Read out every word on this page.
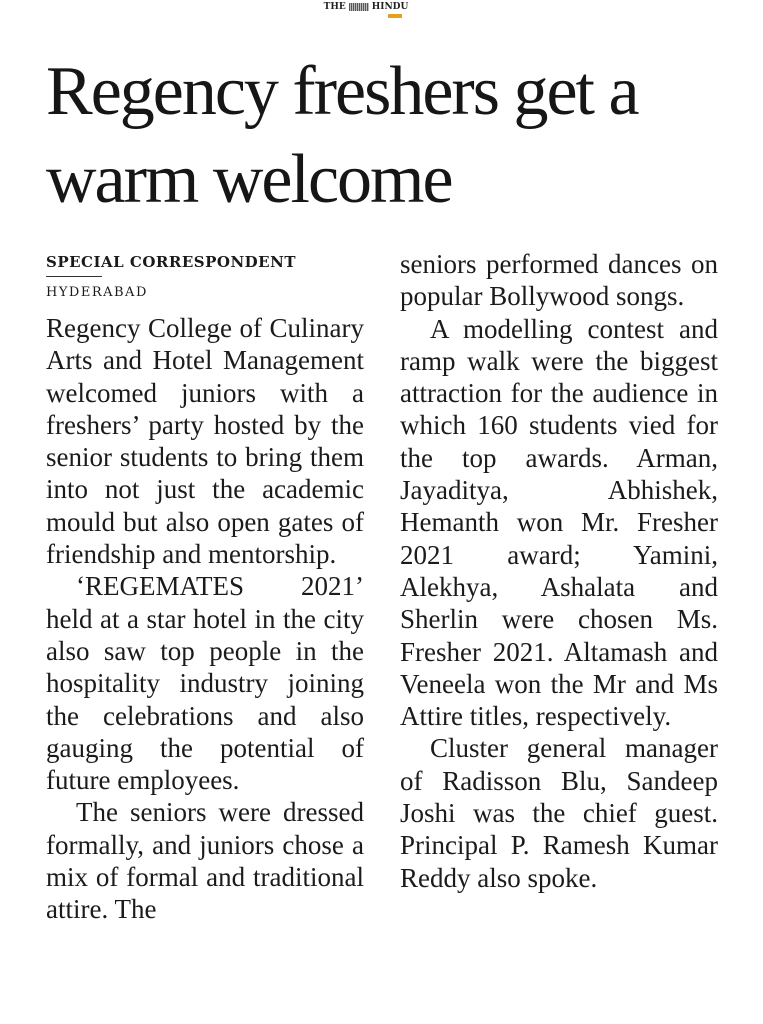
THE	HINDU
Regency freshers get a warm welcome
SPECIAL CORRESPONDENT
HYDERABAD

Regency College of Culinary Arts and Hotel Management welcomed juniors with a freshers’ party hosted by the senior students to bring them into not just the academic mould but also open gates of friendship and mentorship.

‘REGEMATES 2021’ held at a star hotel in the city also saw top people in the hospitality industry joining the celebrations and also gauging the potential of future employees.

The seniors were dressed formally, and juniors chose a mix of formal and traditional attire. The

seniors performed dances on popular Bollywood songs.

A modelling contest and ramp walk were the biggest attraction for the audience in which 160 students vied for the top awards. Arman, Jayaditya, Abhishek, Hemanth won Mr. Fresher 2021 award; Yamini, Alekhya, Ashalata and Sherlin were chosen Ms. Fresher 2021. Altamash and Veneela won the Mr and Ms Attire titles, respectively.

Cluster general manager of Radisson Blu, Sandeep Joshi was the chief guest. Principal P. Ramesh Kumar Reddy also spoke.
